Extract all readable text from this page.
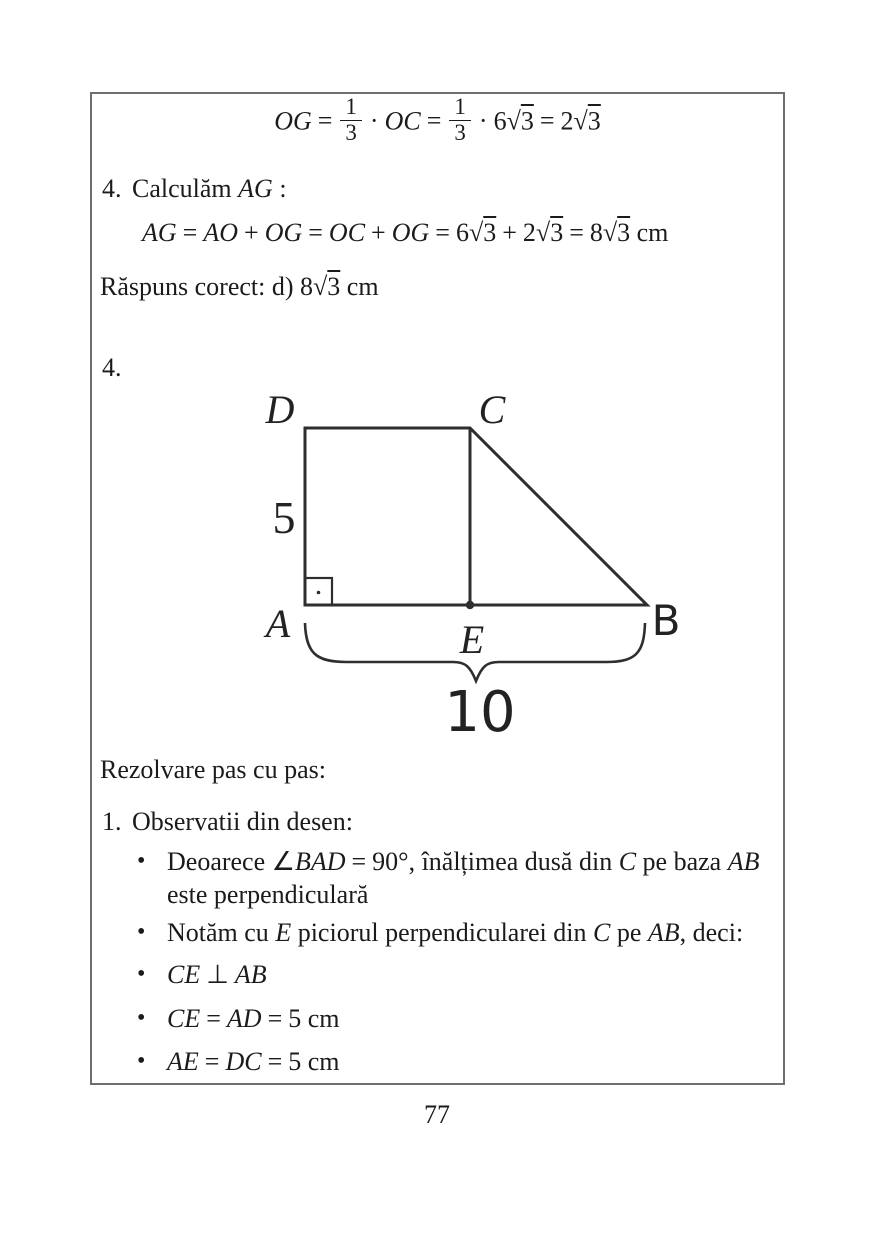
OG = $\frac{1}{3}$ · OC = $\frac{1}{3} \cdot 6√3 = 2√3$
4. Calculăm AG :
AG = AO + OG = OC + OG = 6√3 + 2√3 = 8√3 cm
Răspuns corect: d) 8√3 cm
4.
D	C
A	B
E
5
10
Rezolvare pas cu pas:
1. Observatii din desen:
• Deoarece ∠BAD = 90°, înălțimea dusă din C pe baza AB
este perpendiculară
• Notăm cu E piciorul perpendicularei din C pe AB, deci:
• CE ⊥ AB
• CE = AD = 5 cm
• AE = DC = 5 cm
77
